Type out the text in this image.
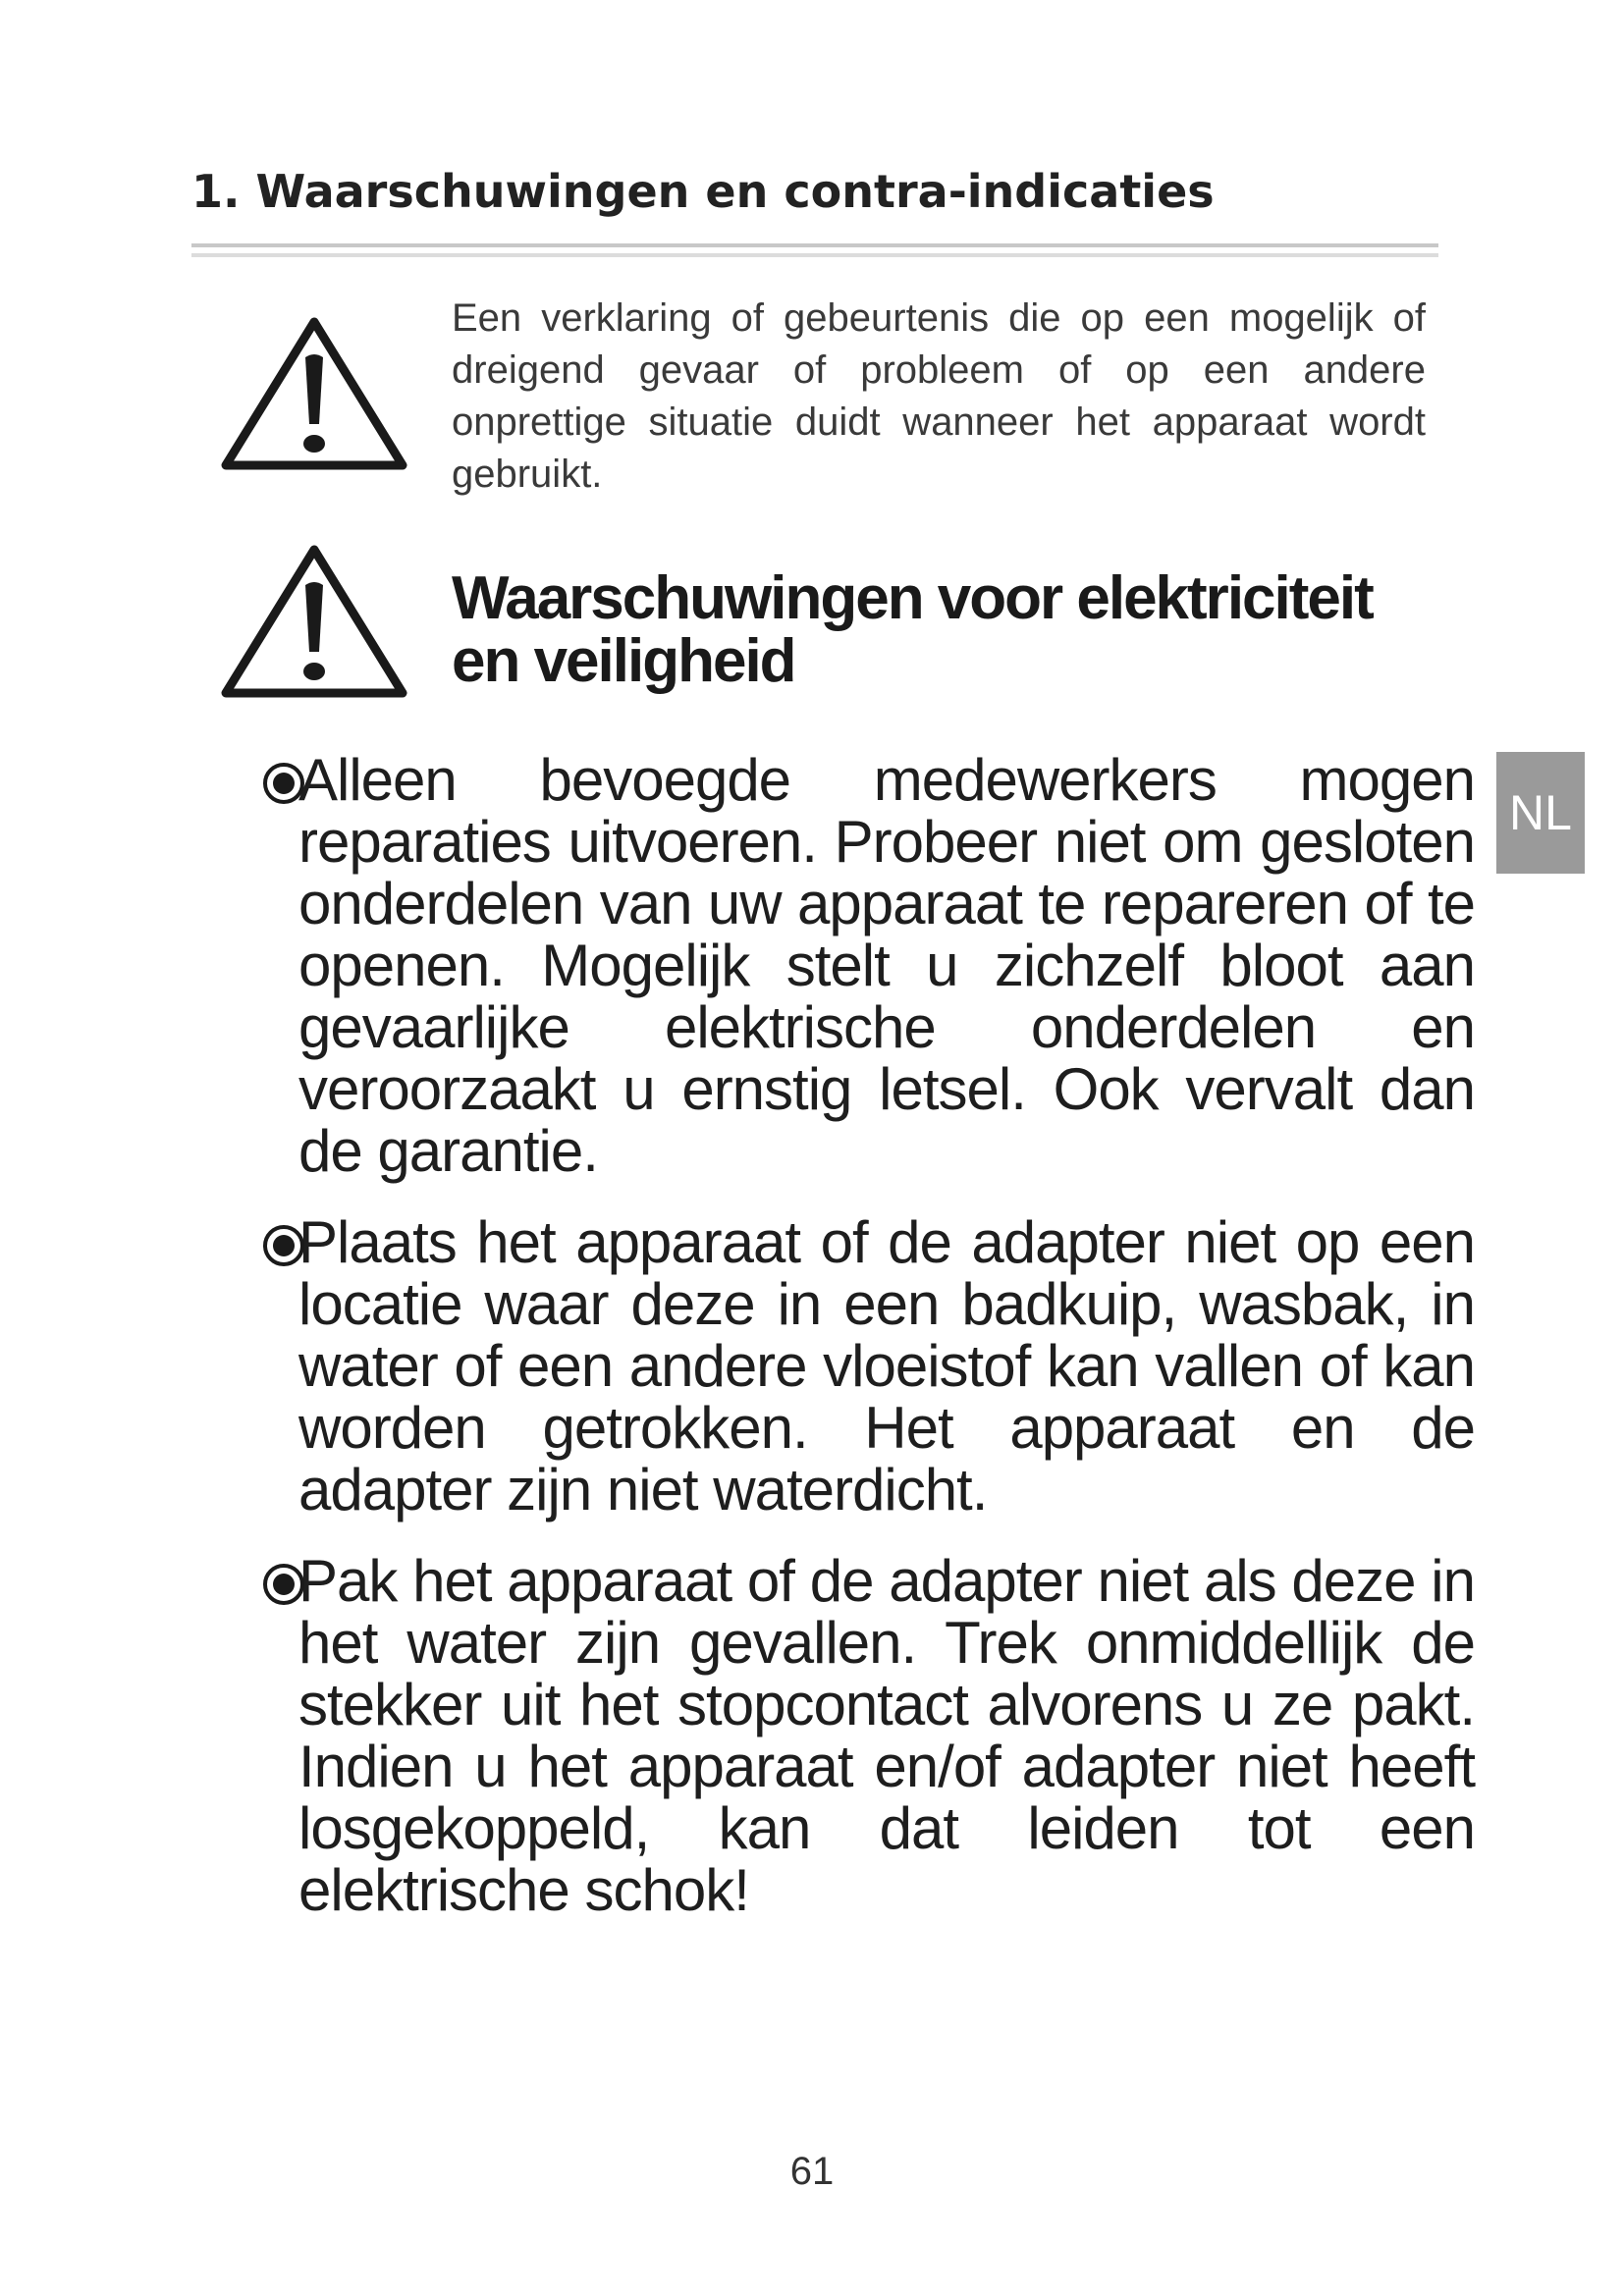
1. Waarschuwingen en contra-indicaties

Een verklaring of gebeurtenis die op een mogelijk of dreigend gevaar of probleem of op een andere onprettige situatie duidt wanneer het apparaat wordt gebruikt.

Waarschuwingen voor elektriciteit en veiligheid
NL
Alleen bevoegde medewerkers mogen reparaties uitvoeren. Probeer niet om gesloten onderdelen van uw apparaat te repareren of te openen. Mogelijk stelt u zichzelf bloot aan gevaarlijke elektrische onderdelen en veroorzaakt u ernstig letsel. Ook vervalt dan de garantie.
Plaats het apparaat of de adapter niet op een locatie waar deze in een badkuip, wasbak, in water of een andere vloeistof kan vallen of kan worden getrokken. Het apparaat en de adapter zijn niet waterdicht.
Pak het apparaat of de adapter niet als deze in het water zijn gevallen. Trek onmiddellijk de stekker uit het stopcontact alvorens u ze pakt. Indien u het apparaat en/of adapter niet heeft losgekoppeld, kan dat leiden tot een elektrische schok!
61
